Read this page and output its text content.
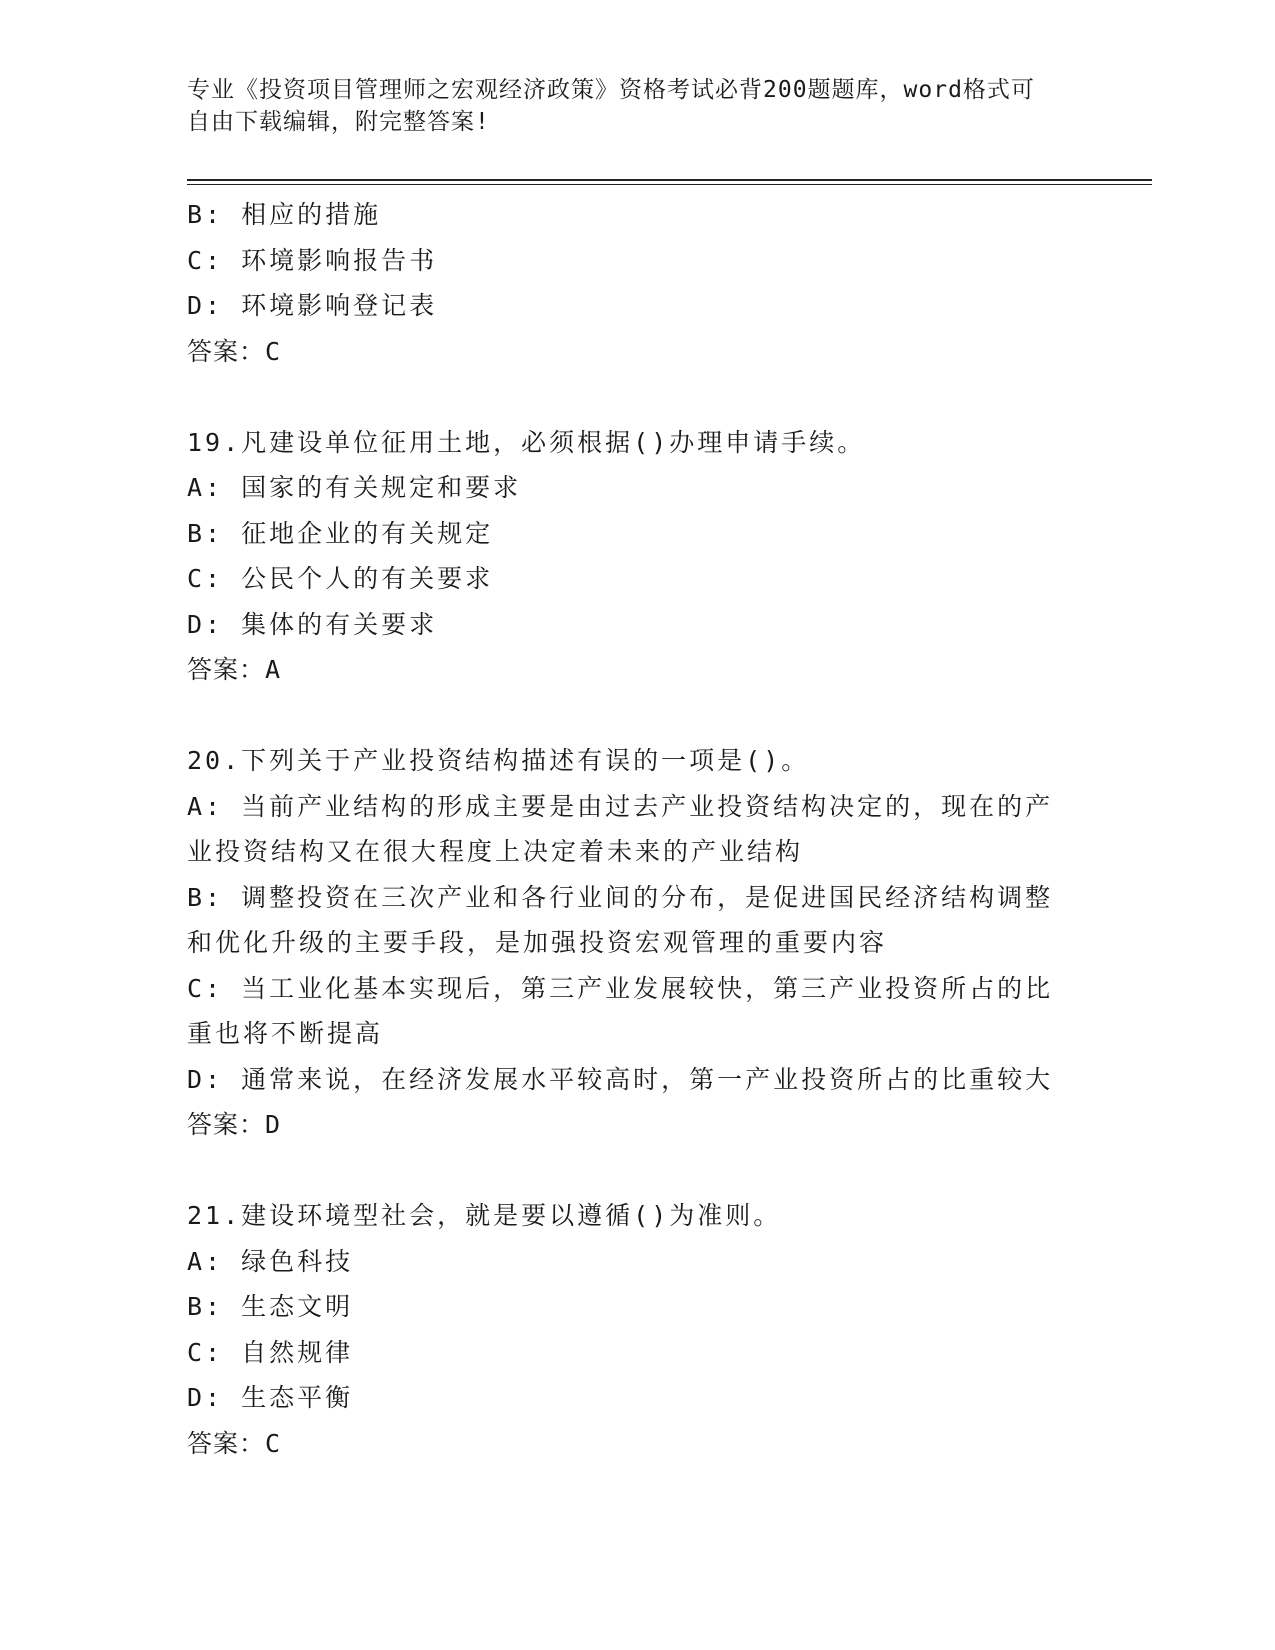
专业《投资项目管理师之宏观经济政策》资格考试必背200题题库，word格式可
自由下载编辑，附完整答案!
B: 相应的措施
C: 环境影响报告书
D: 环境影响登记表
答案：C
19.凡建设单位征用土地，必须根据()办理申请手续。
A: 国家的有关规定和要求
B: 征地企业的有关规定
C: 公民个人的有关要求
D: 集体的有关要求
答案：A
20.下列关于产业投资结构描述有误的一项是()。
A: 当前产业结构的形成主要是由过去产业投资结构决定的，现在的产业投资结构又在很大程度上决定着未来的产业结构
B: 调整投资在三次产业和各行业间的分布，是促进国民经济结构调整和优化升级的主要手段，是加强投资宏观管理的重要内容
C: 当工业化基本实现后，第三产业发展较快，第三产业投资所占的比重也将不断提高
D: 通常来说，在经济发展水平较高时，第一产业投资所占的比重较大
答案：D
21.建设环境型社会，就是要以遵循()为准则。
A: 绿色科技
B: 生态文明
C: 自然规律
D: 生态平衡
答案：C
